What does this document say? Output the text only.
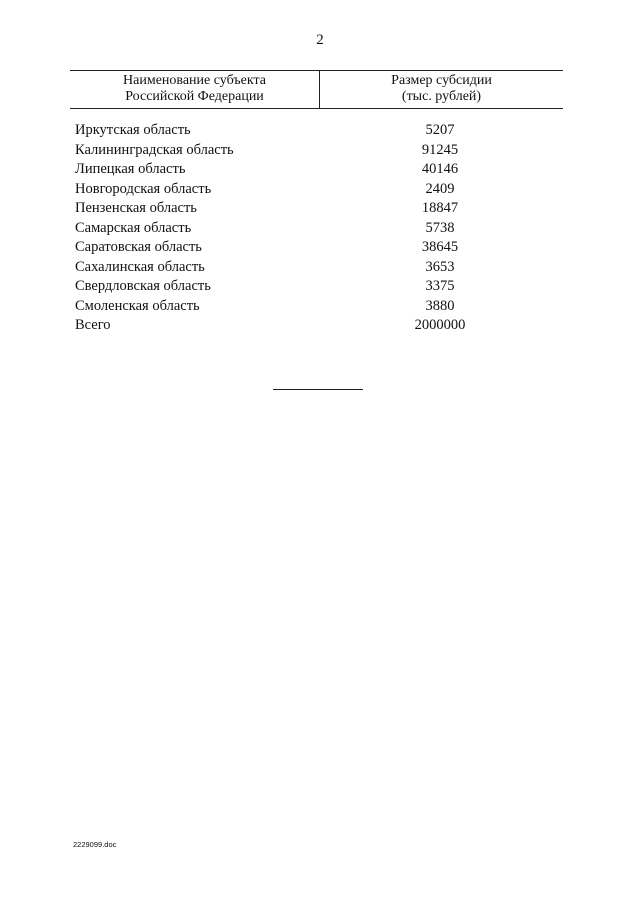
2
Наименование субъекта
Российской Федерации
Размер субсидии
(тыс. рублей)
Иркутская область	5207
Калининградская область	91245
Липецкая область	40146
Новгородская область	2409
Пензенская область	18847
Самарская область	5738
Саратовская область	38645
Сахалинская область	3653
Свердловская область	3375
Смоленская область	3880
Всего	2000000
2229099.doc
